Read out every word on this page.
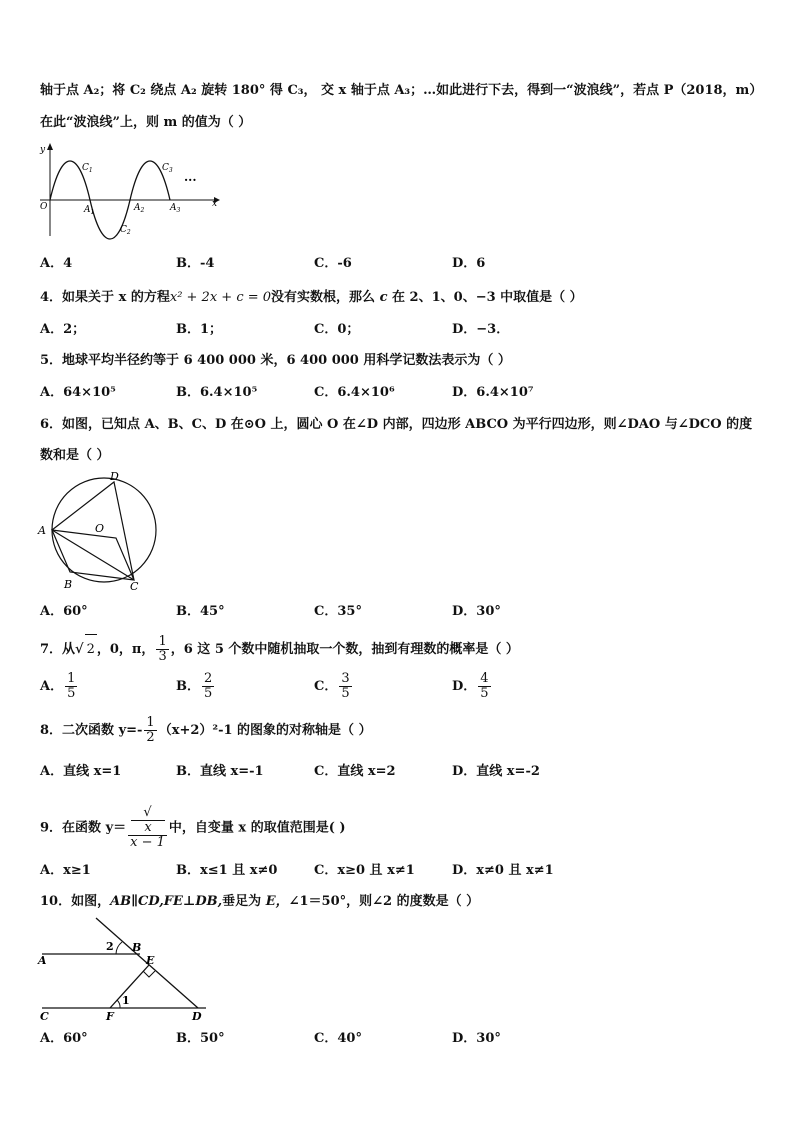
轴于点 A₂；将 C₂ 绕点 A₂ 旋转 180° 得 C₃， 交 x 轴于点 A₃；…如此进行下去，得到一“波浪线”，若点 P（2018，m）
在此“波浪线”上，则 m 的值为（ ）
y
x
O
$C_1$
$C_2$
$C_3$
$A_1$	$A_2$	$A_3$
···
A．4	B．-4	C．-6	D．6
4．如果关于 x 的方程x² + 2x + c = 0没有实数根，那么 c 在 2、1、0、−3 中取值是（ ）
A．2；	B．1；	C．0；	D．−3．
5．地球平均半径约等于 6 400 000 米，6 400 000 用科学记数法表示为（ ）
A．64×10⁵	B．6.4×10⁵	C．6.4×10⁶	D．6.4×10⁷
6．如图，已知点 A、B、C、D 在⊙O 上，圆心 O 在∠D 内部，四边形 ABCO 为平行四边形，则∠DAO 与∠DCO 的度
数和是（ ）
A
B	C
D
O
A．60°	B．45°	C．35°	D．30°
7．从√ 2 ，0，π， $\frac{1}{3}$ ，6 这 5 个数中随机抽取一个数，抽到有理数的概率是（ ）
A． $\frac{1}{5}$	B． $\frac{2}{5}$	C． $\frac{3}{5}$	D． $\frac{4}{5}$
8．二次函数 $y=- \frac{1}{2} (x+2)^2-1$ 的图象的对称轴是（ ）
A．直线 x=1	B．直线 x=-1	C．直线 x=2	D．直线 x=-2
9．在函数 y＝ √
x
x − 1 中，自变量 x 的取值范围是( )
A．x≥1	B．x≤1 且 x≠0	C．x≥0 且 x≠1	D．x≠0 且 x≠1
10．如图，AB∥CD,FE⊥DB,垂足为 E，∠1＝50°，则∠2 的度数是（ ）
A
B
C	D
E
F
1
2
A．60°	B．50°	C．40°	D．30°
